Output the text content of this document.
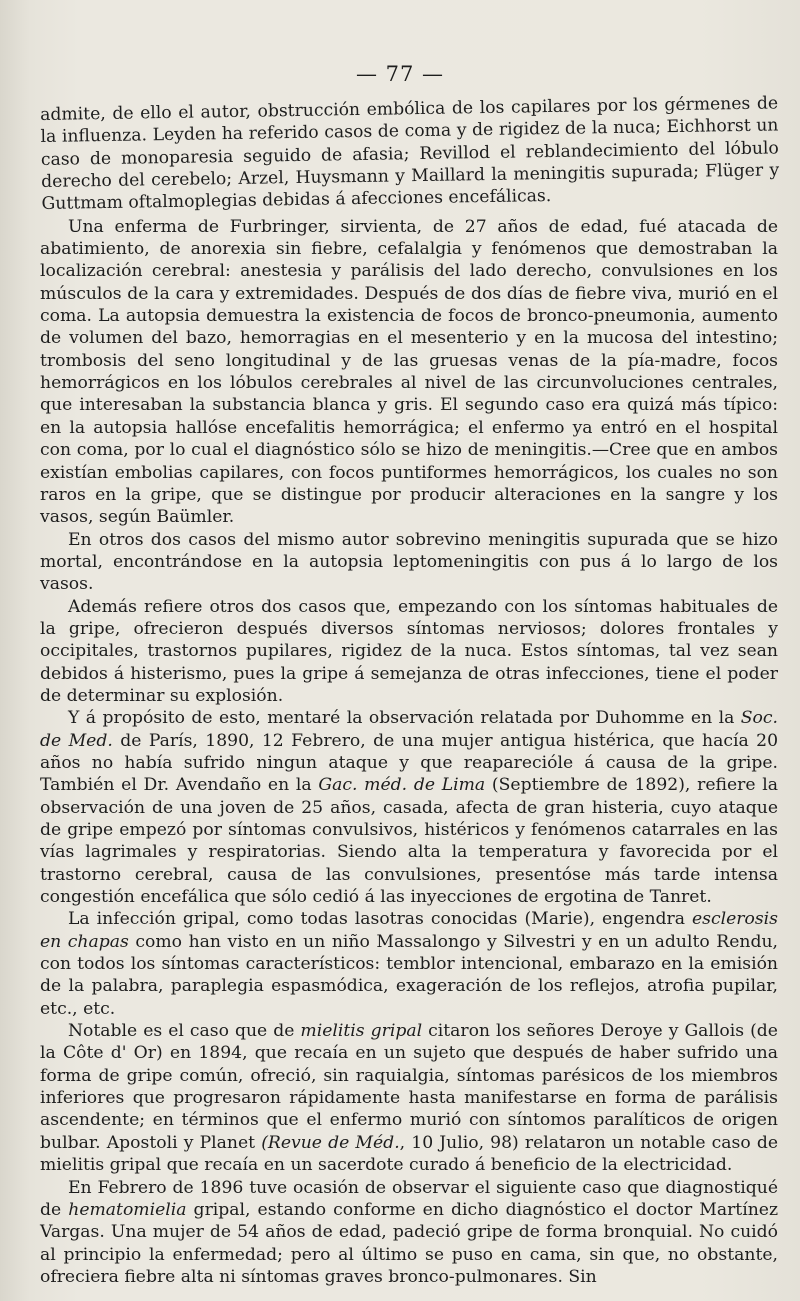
— 77 —

admite, de ello el autor, obstrucción embólica de los capilares por los gérmenes de la influenza. Leyden ha referido casos de coma y de rigidez de la nuca; Eichhorst un caso de monoparesia seguido de afasia; Revillod el reblandecimiento del lóbulo derecho del cerebelo; Arzel, Huysmann y Maillard la meningitis supurada; Flüger y Guttmam oftalmoplegias debidas á afecciones encefálicas.

Una enferma de Furbringer, sirvienta, de 27 años de edad, fué atacada de abatimiento, de anorexia sin fiebre, cefalalgia y fenómenos que demostraban la localización cerebral: anestesia y parálisis del lado derecho, convulsiones en los músculos de la cara y extremidades. Después de dos días de fiebre viva, murió en el coma. La autopsia demuestra la existencia de focos de bronco-pneumonia, aumento de volumen del bazo, hemorragias en el mesenterio y en la mucosa del intestino; trombosis del seno longitudinal y de las gruesas venas de la pía-madre, focos hemorrágicos en los lóbulos cerebrales al nivel de las circunvoluciones centrales, que interesaban la substancia blanca y gris. El segundo caso era quizá más típico: en la autopsia hallóse encefalitis hemorrágica; el enfermo ya entró en el hospital con coma, por lo cual el diagnóstico sólo se hizo de meningitis.—Cree que en ambos existían embolias capilares, con focos puntiformes hemorrágicos, los cuales no son raros en la gripe, que se distingue por producir alteraciones en la sangre y los vasos, según Baümler.

En otros dos casos del mismo autor sobrevino meningitis supurada que se hizo mortal, encontrándose en la autopsia leptomeningitis con pus á lo largo de los vasos.

Además refiere otros dos casos que, empezando con los síntomas habituales de la gripe, ofrecieron después diversos síntomas nerviosos; dolores frontales y occipitales, trastornos pupilares, rigidez de la nuca. Estos síntomas, tal vez sean debidos á histerismo, pues la gripe á semejanza de otras infecciones, tiene el poder de determinar su explosión.

Y á propósito de esto, mentaré la observación relatada por Duhomme en la Soc. de Med. de París, 1890, 12 Febrero, de una mujer antigua histérica, que hacía 20 años no había sufrido ningun ataque y que reapareciόle á causa de la gripe. También el Dr. Avendaño en la Gac. méd. de Lima (Septiembre de 1892), refiere la observación de una joven de 25 años, casada, afecta de gran histeria, cuyo ataque de gripe empezó por síntomas convulsivos, histéricos y fenómenos catarrales en las vías lagrimales y respiratorias. Siendo alta la temperatura y favorecida por el trastorno cerebral, causa de las convulsiones, presentóse más tarde intensa congestión encefálica que sólo cedió á las inyecciones de ergotina de Tanret.

La infección gripal, como todas lasotras conocidas (Marie), engendra esclerosis en chapas como han visto en un niño Massalongo y Silvestri y en un adulto Rendu, con todos los síntomas característicos: temblor intencional, embarazo en la emisión de la palabra, paraplegia espasmódica, exageración de los reflejos, atrofia pupilar, etc., etc.

Notable es el caso que de mielitis gripal citaron los señores Deroye y Gallois (de la Côte d' Or) en 1894, que recaía en un sujeto que después de haber sufrido una forma de gripe común, ofreció, sin raquialgia, síntomas parésicos de los miembros inferiores que progresaron rápidamente hasta manifestarse en forma de parálisis ascendente; en términos que el enfermo murió con síntomos paralíticos de origen bulbar. Apostoli y Planet (Revue de Méd., 10 Julio, 98) relataron un notable caso de mielitis gripal que recaía en un sacerdote curado á beneficio de la electricidad.

En Febrero de 1896 tuve ocasión de observar el siguiente caso que diagnostiqué de hematomielia gripal, estando conforme en dicho diagnóstico el doctor Martínez Vargas. Una mujer de 54 años de edad, padeció gripe de forma bronquial. No cuidó al principio la enfermedad; pero al último se puso en cama, sin que, no obstante, ofreciera fiebre alta ni síntomas graves bronco-pulmonares. Sin
